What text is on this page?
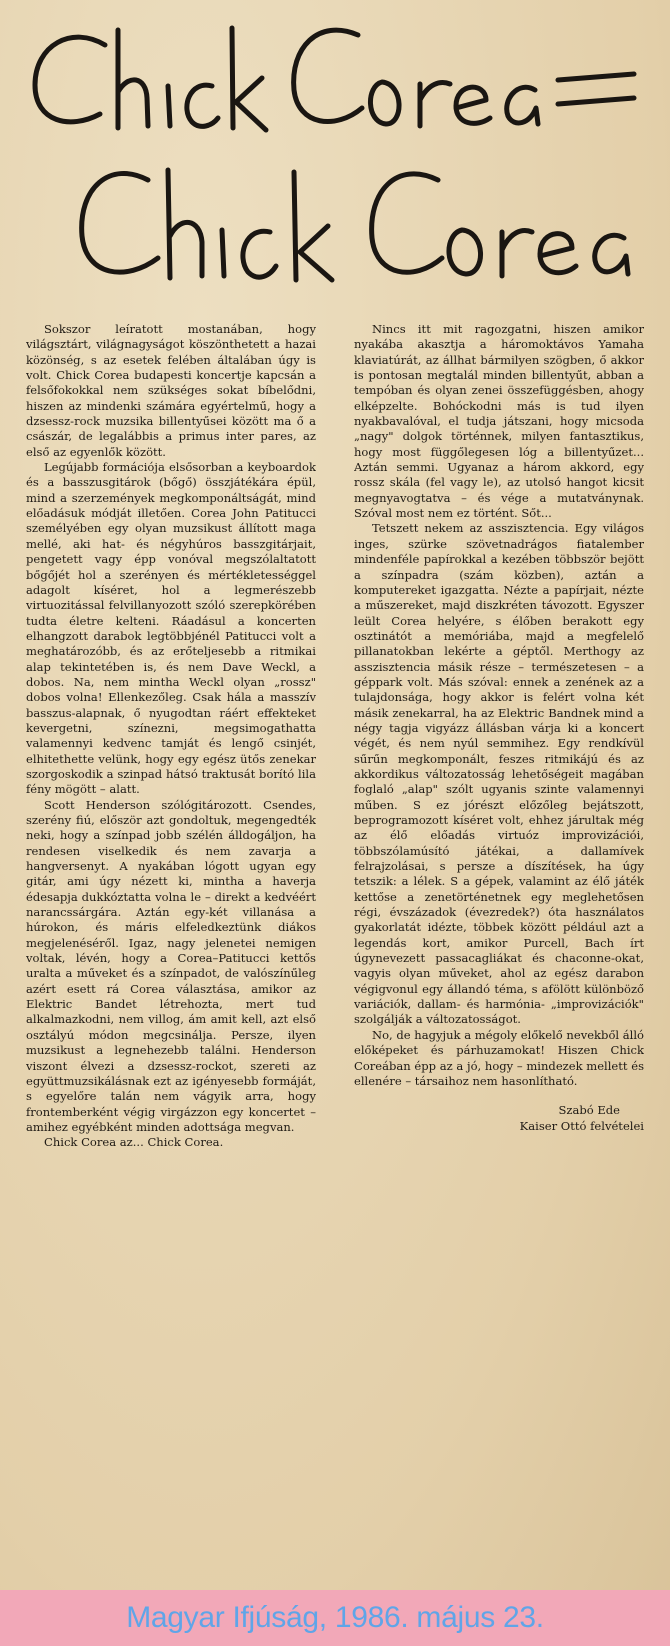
Sokszor leíratott mostanában, hogy világsztárt, világnagyságot köszönthetett a hazai közönség, s az esetek felében általában úgy is volt. Chick Corea budapesti koncertje kapcsán a felsőfokokkal nem szükséges sokat bíbelődni, hiszen az mindenki számára egyértelmű, hogy a dzsessz-rock muzsika billentyűsei között ma ő a császár, de legalábbis a primus inter pares, az első az egyenlők között.

Legújabb formációja elsősorban a keyboardok és a basszusgitárok (bőgő) összjátékára épül, mind a szerzemények megkomponáltságát, mind előadásuk módját illetően. Corea John Patitucci személyében egy olyan muzsikust állított maga mellé, aki hat- és négyhúros basszgitárjait, pengetett vagy épp vonóval megszólaltatott bőgőjét hol a szerényen és mértékletességgel adagolt kíséret, hol a legmerészebb virtuozitással felvillanyozott szóló szerepkörében tudta életre kelteni. Ráadásul a koncerten elhangzott darabok legtöbbjénél Patitucci volt a meghatározóbb, és az erőteljesebb a ritmikai alap tekintetében is, és nem Dave Weckl, a dobos. Na, nem mintha Weckl olyan „rossz" dobos volna! Ellenkezőleg. Csak hála a masszív basszus-alapnak, ő nyugodtan ráért effekteket kevergetni, színezni, megsimogathatta valamennyi kedvenc tamját és lengő csinjét, elhitethette velünk, hogy egy egész ütős zenekar szorgoskodik a szinpad hátsó traktusát borító lila fény mögött – alatt.

Scott Henderson szólógitározott. Csendes, szerény fiú, először azt gondoltuk, megengedték neki, hogy a színpad jobb szélén álldogáljon, ha rendesen viselkedik és nem zavarja a hangversenyt. A nyakában lógott ugyan egy gitár, ami úgy nézett ki, mintha a haverja édesapja dukkóztatta volna le – direkt a kedvéért narancssárgára. Aztán egy-két villanása a húrokon, és máris elfeledkeztünk diákos megjelenéséről. Igaz, nagy jelenetei nemigen voltak, lévén, hogy a Corea–Patitucci kettős uralta a műveket és a színpadot, de valószínűleg azért esett rá Corea választása, amikor az Elektric Bandet létrehozta, mert tud alkalmazkodni, nem villog, ám amit kell, azt első osztályú módon megcsinálja. Persze, ilyen muzsikust a legnehezebb találni. Henderson viszont élvezi a dzsessz-rockot, szereti az együttmuzsikálásnak ezt az igényesebb formáját, s egyelőre talán nem vágyik arra, hogy frontemberként végig virgázzon egy koncertet – amihez egyébként minden adottsága megvan.

Chick Corea az... Chick Corea.

Nincs itt mit ragozgatni, hiszen amikor nyakába akasztja a háromoktávos Yamaha klaviatúrát, az állhat bármilyen szögben, ő akkor is pontosan megtalál minden billentyűt, abban a tempóban és olyan zenei összefüggésben, ahogy elképzelte. Bohóckodni más is tud ilyen nyakbavalóval, el tudja játszani, hogy micsoda „nagy" dolgok történnek, milyen fantasztikus, hogy most függőlegesen lóg a billentyűzet... Aztán semmi. Ugyanaz a három akkord, egy rossz skála (fel vagy le), az utolsó hangot kicsit megnyavogtatva – és vége a mutatványnak. Szóval most nem ez történt. Sőt...

Tetszett nekem az asszisztencia. Egy világos inges, szürke szövetnadrágos fiatalember mindenféle papírokkal a kezében többször bejött a színpadra (szám közben), aztán a komputereket igazgatta. Nézte a papírjait, nézte a műszereket, majd diszkréten távozott. Egyszer leült Corea helyére, s élőben berakott egy osztinátót a memóriába, majd a megfelelő pillanatokban lekérte a géptől. Merthogy az asszisztencia másik része – természetesen – a géppark volt. Más szóval: ennek a zenének az a tulajdonsága, hogy akkor is felért volna két másik zenekarral, ha az Elektric Bandnek mind a négy tagja vigyázz állásban várja ki a koncert végét, és nem nyúl semmihez. Egy rendkívül sűrűn megkomponált, feszes ritmikájú és az akkordikus változatosság lehetőségeit magában foglaló „alap" szólt ugyanis szinte valamennyi műben. S ez jórészt előzőleg bejátszott, beprogramozott kíséret volt, ehhez járultak még az élő előadás virtuóz improvizációi, többszólamúsító játékai, a dallamívek felrajzolásai, s persze a díszítések, ha úgy tetszik: a lélek. S a gépek, valamint az élő játék kettőse a zenetörténetnek egy meglehetősen régi, évszázadok (évezredek?) óta használatos gyakorlatát idézte, többek között például azt a legendás kort, amikor Purcell, Bach írt úgynevezett passacagliákat és chaconne-okat, vagyis olyan műveket, ahol az egész darabon végigvonul egy állandó téma, s afölött különböző variációk, dallam- és harmónia- „improvizációk" szolgálják a változatosságot.

No, de hagyjuk a mégoly előkelő nevekből álló előképeket és párhuzamokat! Hiszen Chick Coreában épp az a jó, hogy – mindezek mellett és ellenére – társaihoz nem hasonlítható.

Szabó Ede
Kaiser Ottó felvételei
Magyar Ifjúság, 1986. május 23.
